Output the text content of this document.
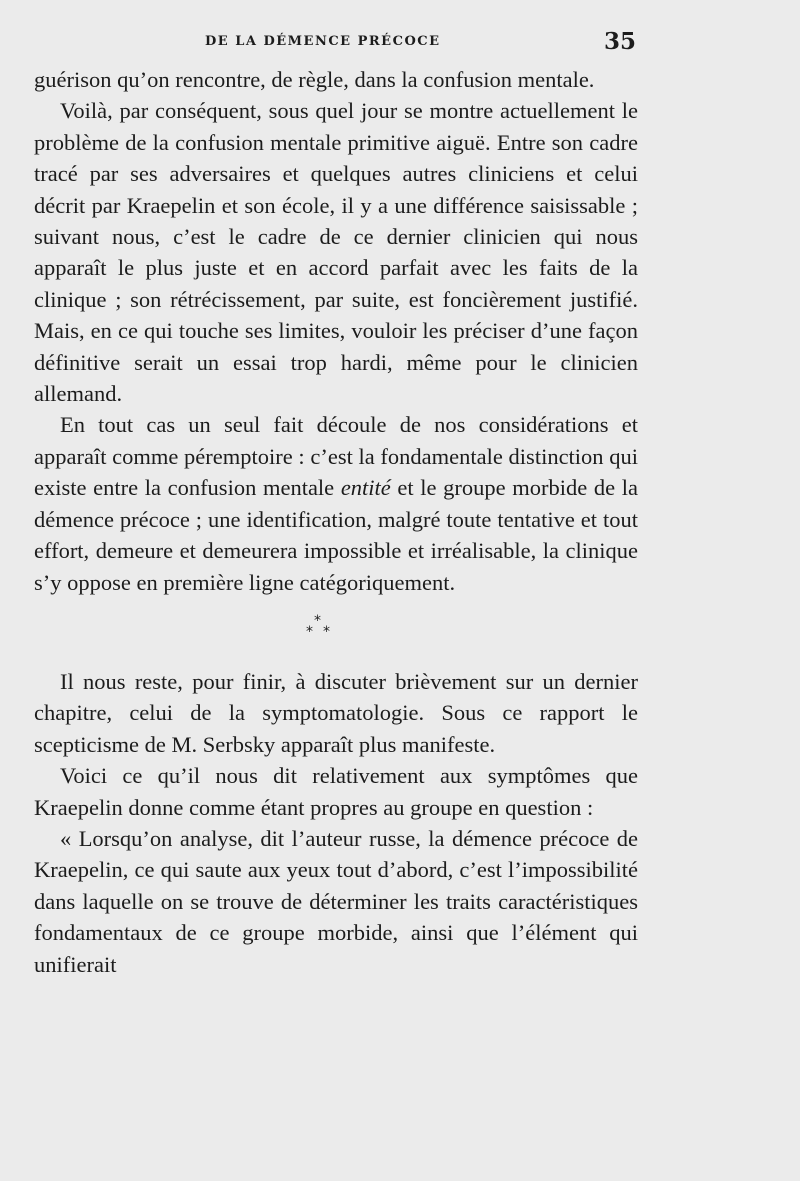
DE LA DÉMENCE PRÉCOCE	35

guérison qu’on rencontre, de règle, dans la confusion mentale.

Voilà, par conséquent, sous quel jour se montre actuellement le problème de la confusion mentale primitive aiguë. Entre son cadre tracé par ses adversaires et quelques autres cliniciens et celui décrit par Kraepelin et son école, il y a une différence saisissable ; suivant nous, c’est le cadre de ce dernier clinicien qui nous apparaît le plus juste et en accord parfait avec les faits de la clinique ; son rétrécissement, par suite, est foncièrement justifié. Mais, en ce qui touche ses limites, vouloir les préciser d’une façon définitive serait un essai trop hardi, même pour le clinicien allemand.

En tout cas un seul fait découle de nos considérations et apparaît comme péremptoire : c’est la fondamentale distinction qui existe entre la confusion mentale entité et le groupe morbide de la démence précoce ; une identification, malgré toute tentative et tout effort, demeure et demeurera impossible et irréalisable, la clinique s’y oppose en première ligne catégoriquement.

*
* *

Il nous reste, pour finir, à discuter brièvement sur un dernier chapitre, celui de la symptomatologie. Sous ce rapport le scepticisme de M. Serbsky apparaît plus manifeste.

Voici ce qu’il nous dit relativement aux symptômes que Kraepelin donne comme étant propres au groupe en question :

« Lorsqu’on analyse, dit l’auteur russe, la démence précoce de Kraepelin, ce qui saute aux yeux tout d’abord, c’est l’impossibilité dans laquelle on se trouve de déterminer les traits caractéristiques fondamentaux de ce groupe morbide, ainsi que l’élément qui unifierait
